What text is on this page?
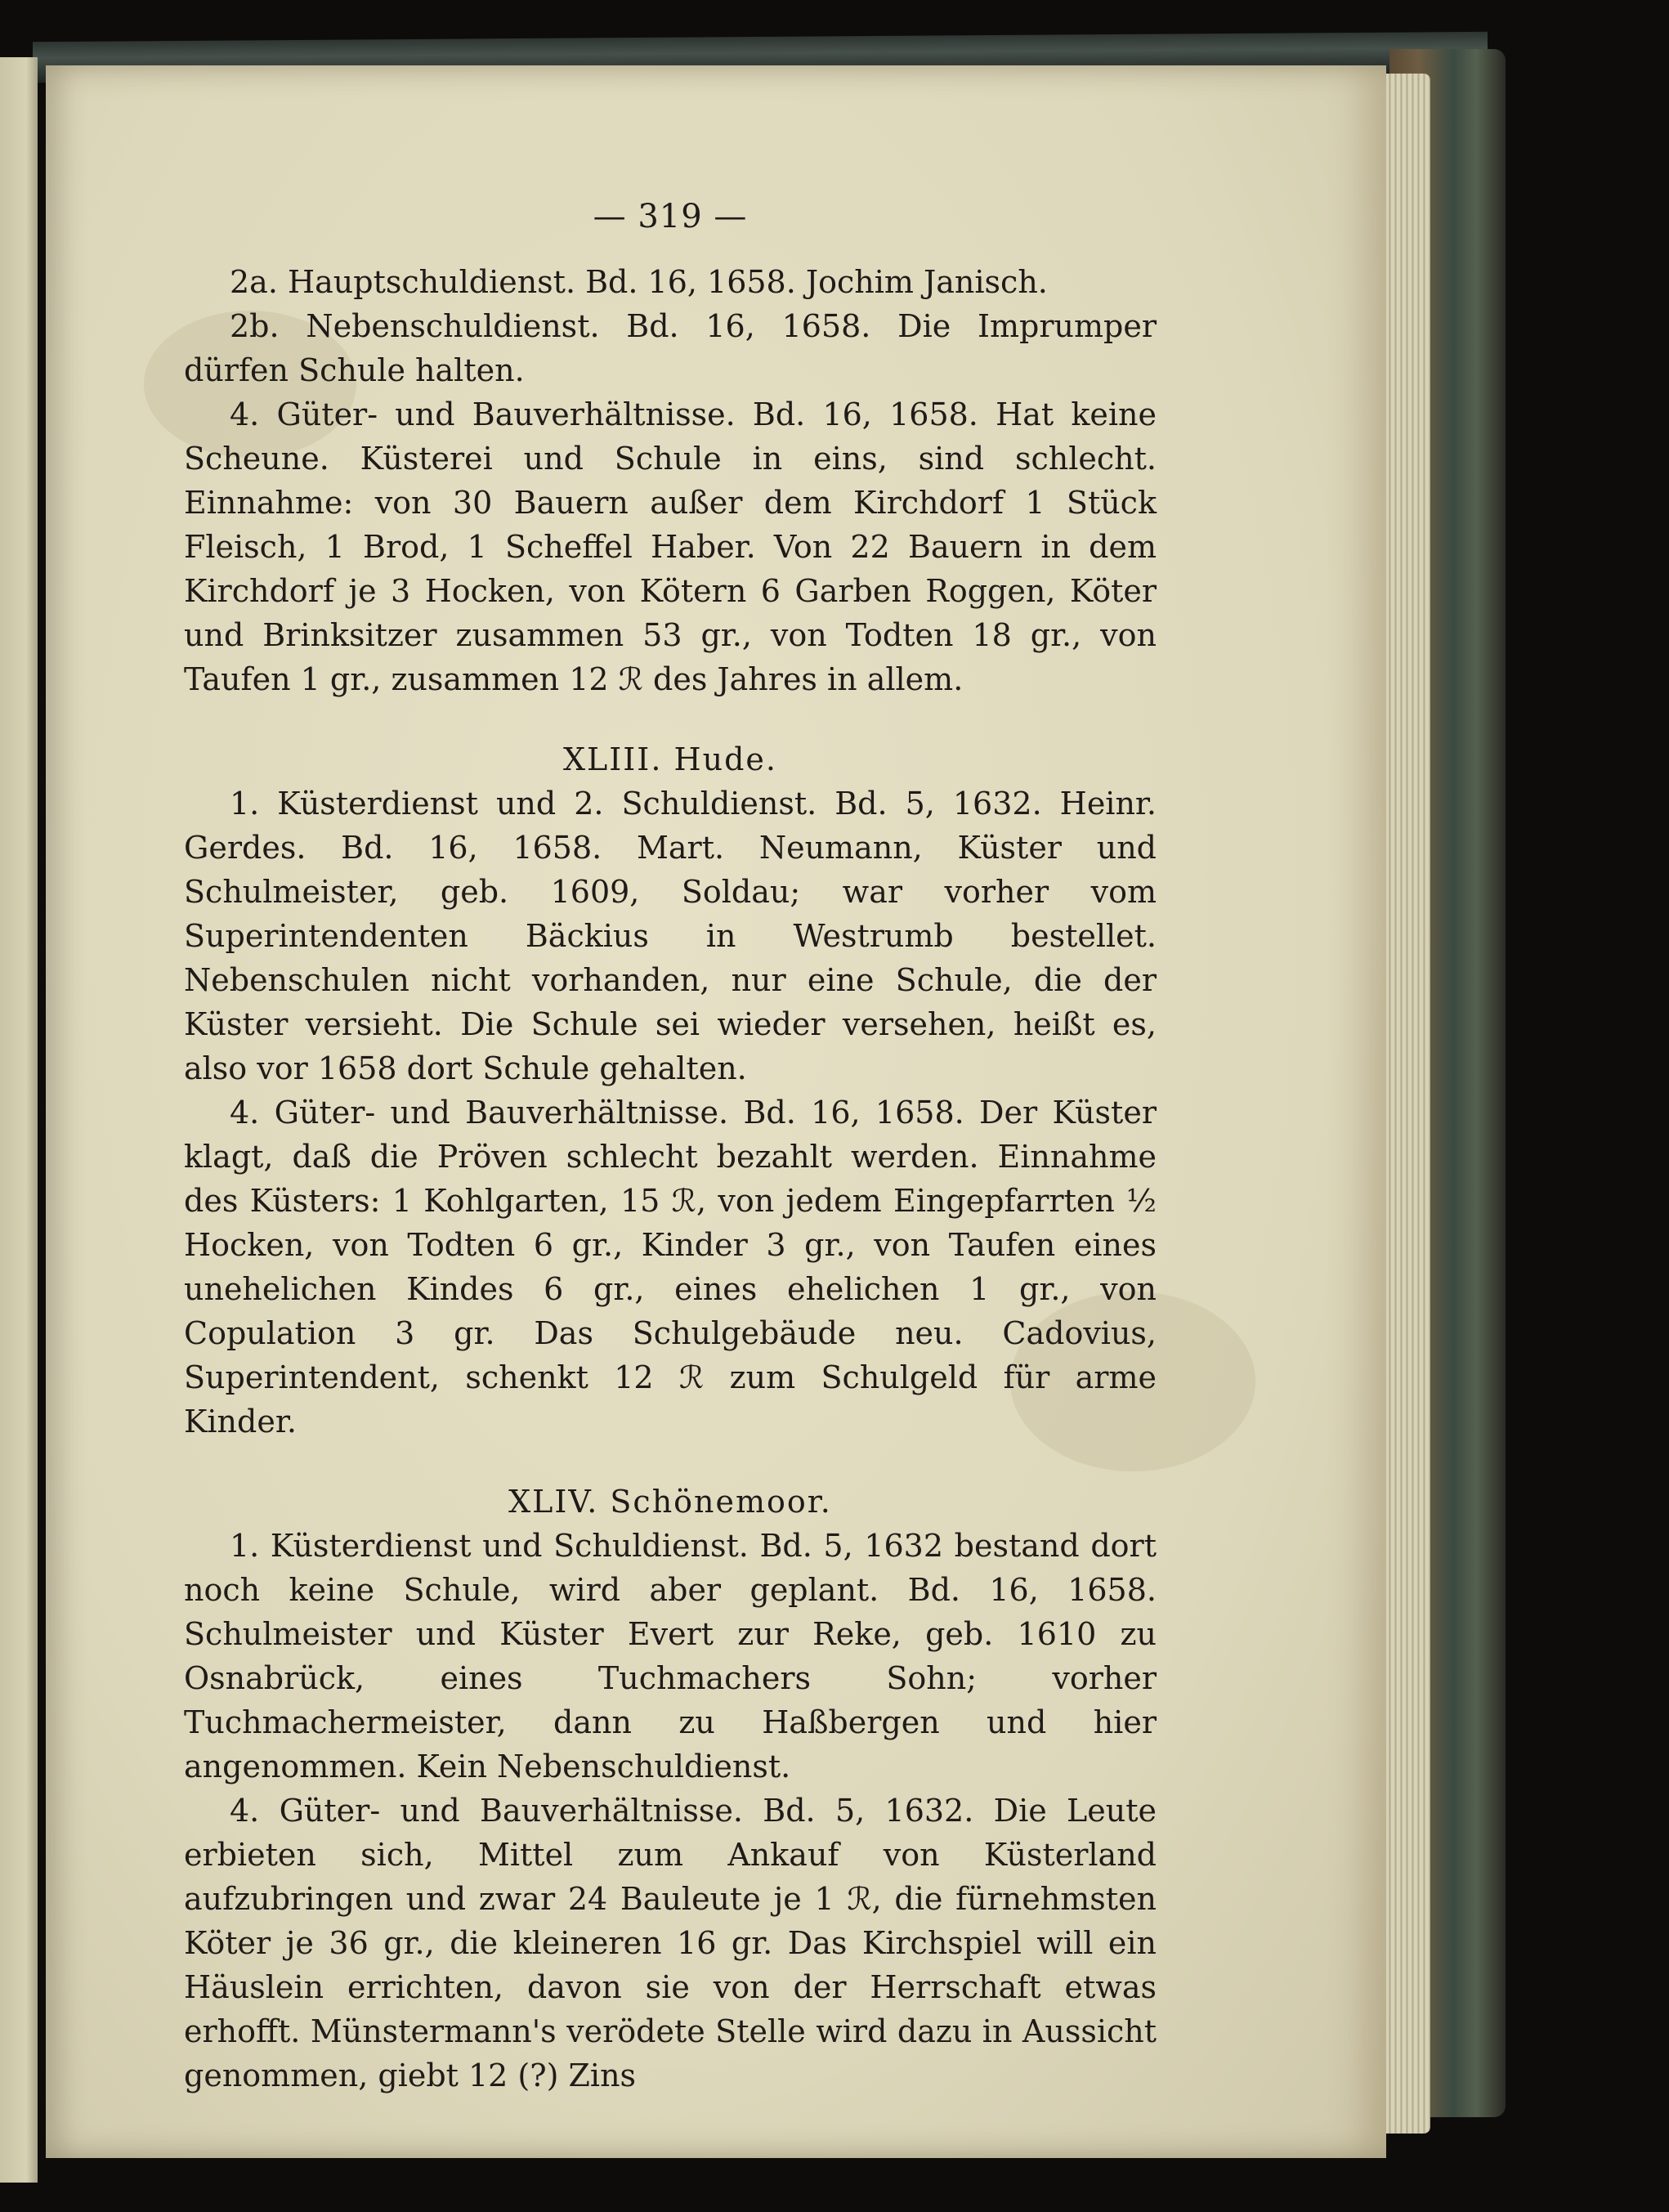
— 319 —

2a. Hauptschuldienst. Bd. 16, 1658. Jochim Janisch.

2b. Nebenschuldienst. Bd. 16, 1658. Die Imprumper dürfen Schule halten.

4. Güter- und Bauverhältnisse. Bd. 16, 1658. Hat keine Scheune. Küsterei und Schule in eins, sind schlecht. Einnahme: von 30 Bauern außer dem Kirchdorf 1 Stück Fleisch, 1 Brod, 1 Scheffel Haber. Von 22 Bauern in dem Kirchdorf je 3 Hocken, von Kötern 6 Garben Roggen, Köter und Brinksitzer zusammen 53 gr., von Todten 18 gr., von Taufen 1 gr., zusammen 12 ℛ des Jahres in allem.

XLIII. Hude.

1. Küsterdienst und 2. Schuldienst. Bd. 5, 1632. Heinr. Gerdes. Bd. 16, 1658. Mart. Neumann, Küster und Schulmeister, geb. 1609, Soldau; war vorher vom Superintendenten Bäckius in Westrumb bestellet. Nebenschulen nicht vorhanden, nur eine Schule, die der Küster versieht. Die Schule sei wieder versehen, heißt es, also vor 1658 dort Schule gehalten.

4. Güter- und Bauverhältnisse. Bd. 16, 1658. Der Küster klagt, daß die Pröven schlecht bezahlt werden. Einnahme des Küsters: 1 Kohlgarten, 15 ℛ, von jedem Eingepfarrten ½ Hocken, von Todten 6 gr., Kinder 3 gr., von Taufen eines unehelichen Kindes 6 gr., eines ehelichen 1 gr., von Copulation 3 gr. Das Schulgebäude neu. Cadovius, Superintendent, schenkt 12 ℛ zum Schulgeld für arme Kinder.

XLIV. Schönemoor.

1. Küsterdienst und Schuldienst. Bd. 5, 1632 bestand dort noch keine Schule, wird aber geplant. Bd. 16, 1658. Schulmeister und Küster Evert zur Reke, geb. 1610 zu Osnabrück, eines Tuchmachers Sohn; vorher Tuchmachermeister, dann zu Haßbergen und hier angenommen. Kein Nebenschuldienst.

4. Güter- und Bauverhältnisse. Bd. 5, 1632. Die Leute erbieten sich, Mittel zum Ankauf von Küsterland aufzubringen und zwar 24 Bauleute je 1 ℛ, die fürnehmsten Köter je 36 gr., die kleineren 16 gr. Das Kirchspiel will ein Häuslein errichten, davon sie von der Herrschaft etwas erhofft. Münstermann's verödete Stelle wird dazu in Aussicht genommen, giebt 12 (?) Zins
